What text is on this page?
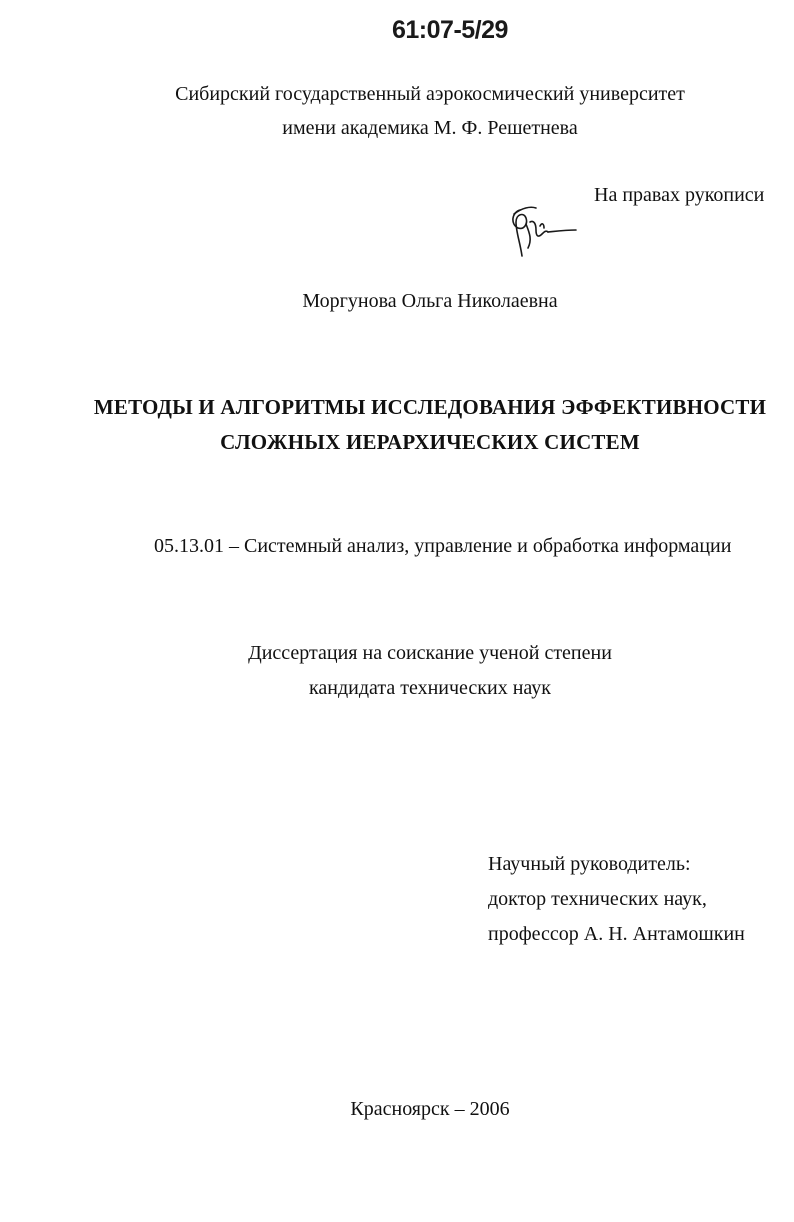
61:07-5/29
Сибирский государственный аэрокосмический университет
имени академика М. Ф. Решетнева
На правах рукописи
Моргунова Ольга Николаевна
МЕТОДЫ И АЛГОРИТМЫ ИССЛЕДОВАНИЯ ЭФФЕКТИВНОСТИ
СЛОЖНЫХ ИЕРАРХИЧЕСКИХ СИСТЕМ
05.13.01 – Системный анализ, управление и обработка информации
Диссертация на соискание ученой степени
кандидата технических наук
Научный руководитель:
доктор технических наук,
профессор А. Н. Антамошкин
Красноярск – 2006
